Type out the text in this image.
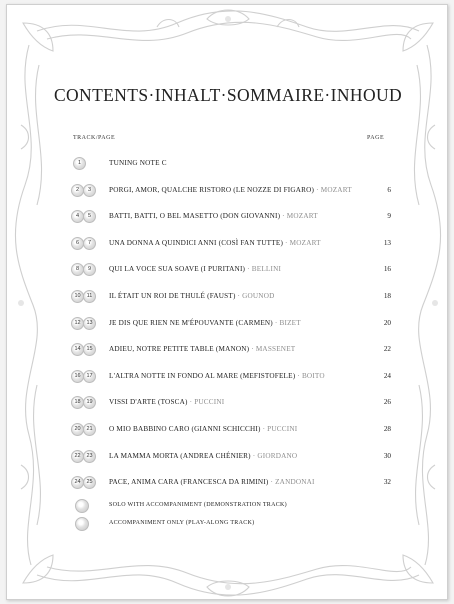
CONTENTS·INHALT·SOMMAIRE·INHOUD
TRACK/PAGE	PAGE
1	TUNING NOTE C
2	3	PORGI, AMOR, QUALCHE RISTORO (LE NOZZE DI FIGARO) · MOZART	6
4	5	BATTI, BATTI, O BEL MASETTO (DON GIOVANNI) · MOZART	9
6	7	UNA DONNA A QUINDICI ANNI (COSÌ FAN TUTTE) · MOZART	13
8	9	QUI LA VOCE SUA SOAVE (I PURITANI) · BELLINI	16
10	11	IL ÉTAIT UN ROI DE THULÉ (FAUST) · GOUNOD	18
12	13	JE DIS QUE RIEN NE M'ÉPOUVANTE (CARMEN) · BIZET	20
14	15	ADIEU, NOTRE PETITE TABLE (MANON) · MASSENET	22
16	17	L'ALTRA NOTTE IN FONDO AL MARE (MEFISTOFELE) · BOITO	24
18	19	VISSI D'ARTE (TOSCA) · PUCCINI	26
20	21	O MIO BABBINO CARO (GIANNI SCHICCHI) · PUCCINI	28
22	23	LA MAMMA MORTA (ANDREA CHÉNIER) · GIORDANO	30
24	25	PACE, ANIMA CARA (FRANCESCA DA RIMINI) · ZANDONAI	32
SOLO WITH ACCOMPANIMENT (DEMONSTRATION TRACK)
ACCOMPANIMENT ONLY (PLAY-ALONG TRACK)
